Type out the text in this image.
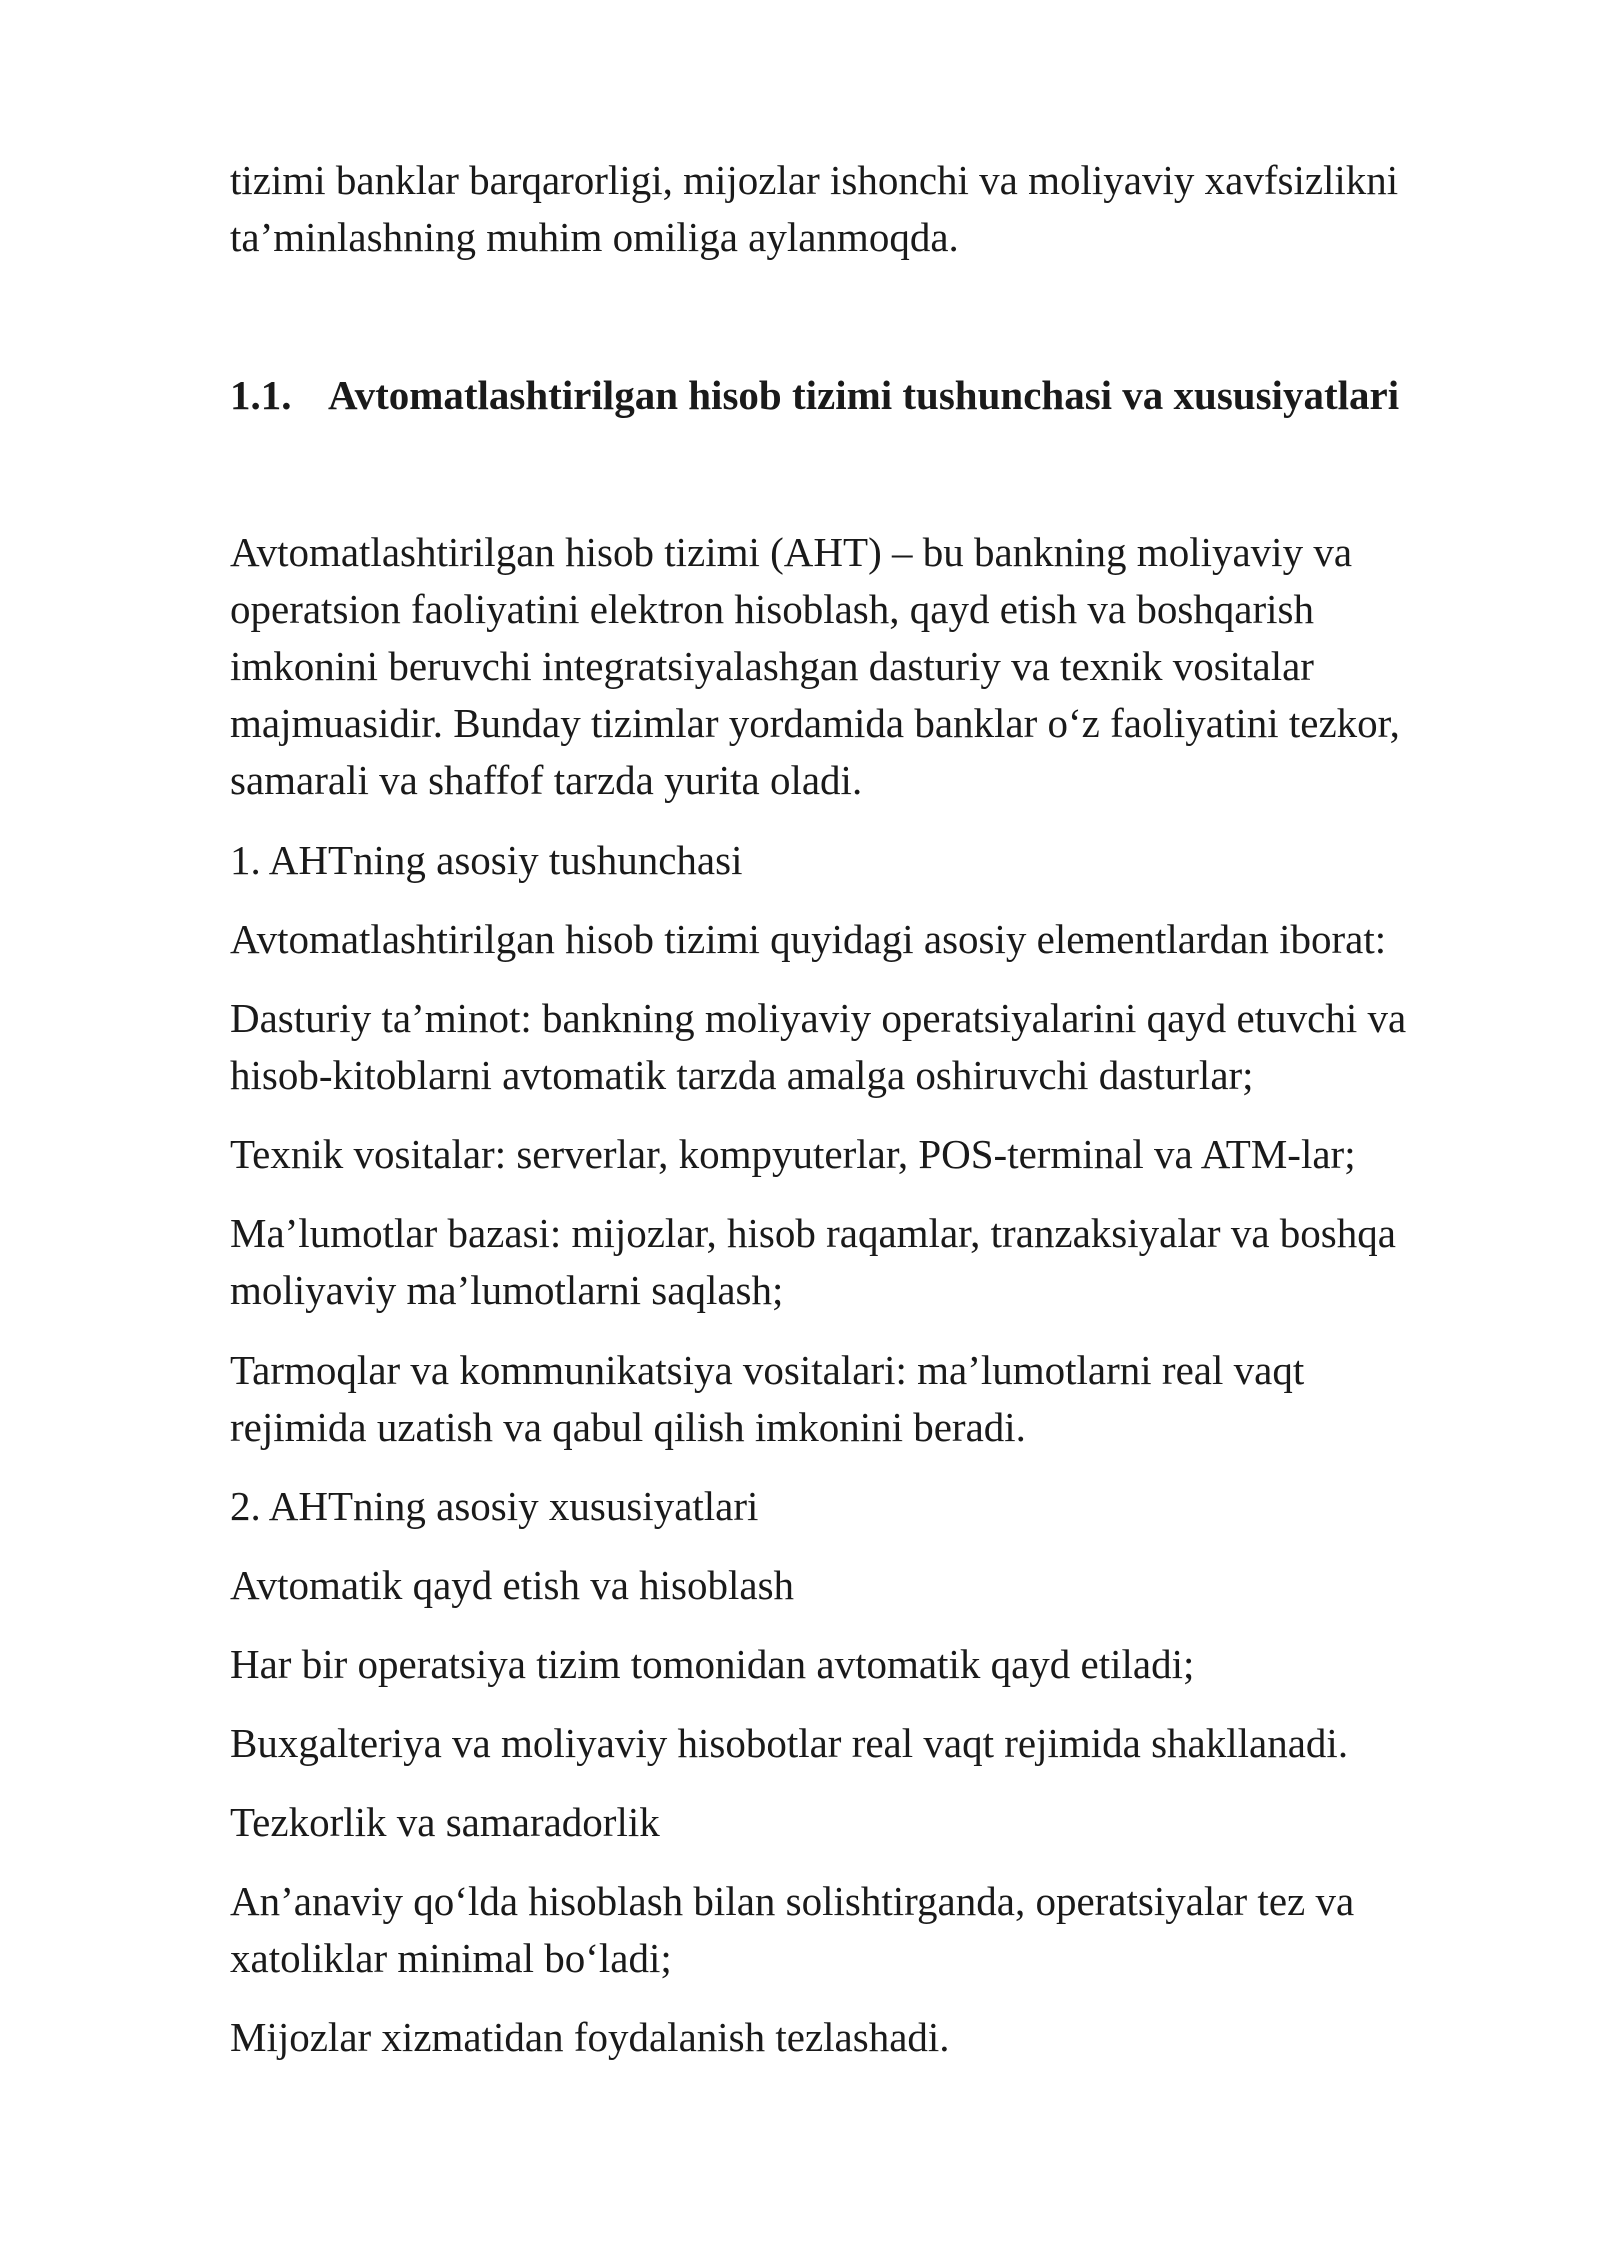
tizimi banklar barqarorligi, mijozlar ishonchi va moliyaviy xavfsizlikni
ta’minlashning muhim omiliga aylanmoqda.
1.1. Avtomatlashtirilgan hisob tizimi tushunchasi va xususiyatlari
Avtomatlashtirilgan hisob tizimi (AHT) – bu bankning moliyaviy va
operatsion faoliyatini elektron hisoblash, qayd etish va boshqarish
imkonini beruvchi integratsiyalashgan dasturiy va texnik vositalar
majmuasidir. Bunday tizimlar yordamida banklar o‘z faoliyatini tezkor,
samarali va shaffof tarzda yurita oladi.
1. AHTning asosiy tushunchasi
Avtomatlashtirilgan hisob tizimi quyidagi asosiy elementlardan iborat:
Dasturiy ta’minot: bankning moliyaviy operatsiyalarini qayd etuvchi va
hisob-kitoblarni avtomatik tarzda amalga oshiruvchi dasturlar;
Texnik vositalar: serverlar, kompyuterlar, POS-terminal va ATM-lar;
Ma’lumotlar bazasi: mijozlar, hisob raqamlar, tranzaksiyalar va boshqa
moliyaviy ma’lumotlarni saqlash;
Tarmoqlar va kommunikatsiya vositalari: ma’lumotlarni real vaqt
rejimida uzatish va qabul qilish imkonini beradi.
2. AHTning asosiy xususiyatlari
Avtomatik qayd etish va hisoblash
Har bir operatsiya tizim tomonidan avtomatik qayd etiladi;
Buxgalteriya va moliyaviy hisobotlar real vaqt rejimida shakllanadi.
Tezkorlik va samaradorlik
An’anaviy qo‘lda hisoblash bilan solishtirganda, operatsiyalar tez va
xatoliklar minimal bo‘ladi;
Mijozlar xizmatidan foydalanish tezlashadi.
